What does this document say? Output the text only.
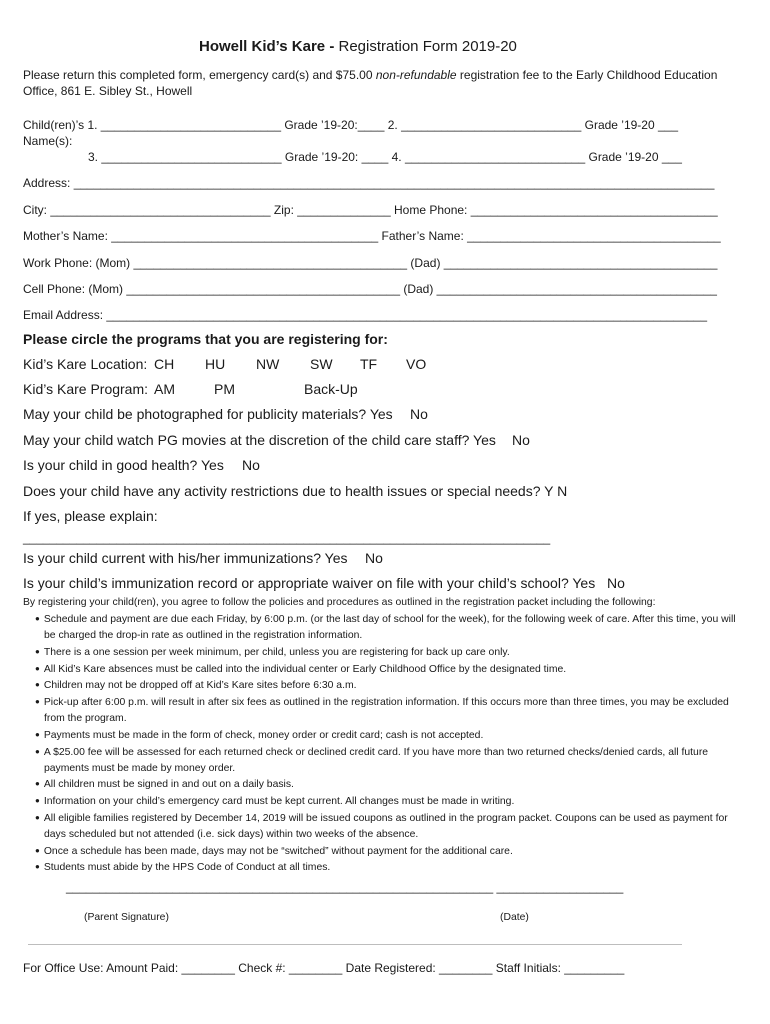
Howell Kid’s Kare - Registration Form 2019-20
Please return this completed form, emergency card(s) and $75.00 non-refundable registration fee to the Early Childhood Education
Office, 861 E. Sibley St., Howell
Child(ren)’s 1. ___________________________ Grade ’19-20:____ 2. ___________________________ Grade ’19-20 ___
Name(s):
3. ___________________________ Grade ’19-20: ____ 4. ___________________________ Grade ’19-20 ___
Address: ________________________________________________________________________________________________
City: _________________________________ Zip: ______________ Home Phone: _____________________________________
Mother’s Name: ________________________________________ Father’s Name: ______________________________________
Work Phone: (Mom) _________________________________________ (Dad) _________________________________________
Cell Phone: (Mom) _________________________________________ (Dad) __________________________________________
Email Address: __________________________________________________________________________________________
Please circle the programs that you are registering for:
Kid’s Kare Location: CH HU NW SW TF VO
Kid’s Kare Program: AM	PM	Back-Up
May your child be photographed for publicity materials? Yes No
May your child watch PG movies at the discretion of the child care staff? Yes No
Is your child in good health? Yes No
Does your child have any activity restrictions due to health issues or special needs? Y N
If yes, please explain:
_______________________________________________________________________________
Is your child current with his/her immunizations? Yes No
Is your child’s immunization record or appropriate waiver on file with your child’s school? Yes No
By registering your child(ren), you agree to follow the policies and procedures as outlined in the registration packet including the following:
● Schedule and payment are due each Friday, by 6:00 p.m. (or the last day of school for the week), for the following week of care. After this time, you will be charged the drop-in rate as outlined in the registration information.
● There is a one session per week minimum, per child, unless you are registering for back up care only.
● All Kid’s Kare absences must be called into the individual center or Early Childhood Office by the designated time.
● Children may not be dropped off at Kid’s Kare sites before 6:30 a.m.
● Pick-up after 6:00 p.m. will result in after six fees as outlined in the registration information. If this occurs more than three times, you may be excluded from the program.
● Payments must be made in the form of check, money order or credit card; cash is not accepted.
● A $25.00 fee will be assessed for each returned check or declined credit card. If you have more than two returned checks/denied cards, all future payments must be made by money order.
● All children must be signed in and out on a daily basis.
● Information on your child’s emergency card must be kept current. All changes must be made in writing.
● All eligible families registered by December 14, 2019 will be issued coupons as outlined in the program packet. Coupons can be used as payment for days scheduled but not attended (i.e. sick days) within two weeks of the absence.
● Once a schedule has been made, days may not be “switched” without payment for the additional care.
● Students must abide by the HPS Code of Conduct at all times.
________________________________________________________________ ___________________
(Parent Signature)	(Date)
For Office Use: Amount Paid: ________ Check #: ________ Date Registered: ________ Staff Initials: _________
